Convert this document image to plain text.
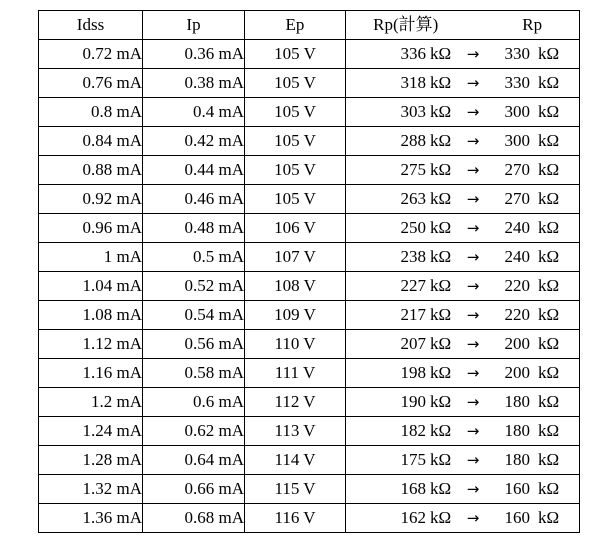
Idss	Ip	Ep	Rp(計算) Rp

0.72 mA	0.36 mA	105 V	336 kΩ → 330 kΩ

0.76 mA	0.38 mA	105 V	318 kΩ → 330 kΩ

0.8 mA	0.4 mA	105 V	303 kΩ → 300 kΩ

0.84 mA	0.42 mA	105 V	288 kΩ → 300 kΩ

0.88 mA	0.44 mA	105 V	275 kΩ → 270 kΩ

0.92 mA	0.46 mA	105 V	263 kΩ → 270 kΩ

0.96 mA	0.48 mA	106 V	250 kΩ → 240 kΩ

1 mA	0.5 mA	107 V	238 kΩ → 240 kΩ

1.04 mA	0.52 mA	108 V	227 kΩ → 220 kΩ

1.08 mA	0.54 mA	109 V	217 kΩ → 220 kΩ

1.12 mA	0.56 mA	110 V	207 kΩ → 200 kΩ

1.16 mA	0.58 mA	111 V	198 kΩ → 200 kΩ

1.2 mA	0.6 mA	112 V	190 kΩ → 180 kΩ

1.24 mA	0.62 mA	113 V	182 kΩ → 180 kΩ

1.28 mA	0.64 mA	114 V	175 kΩ → 180 kΩ

1.32 mA	0.66 mA	115 V	168 kΩ → 160 kΩ

1.36 mA	0.68 mA	116 V	162 kΩ → 160 kΩ
